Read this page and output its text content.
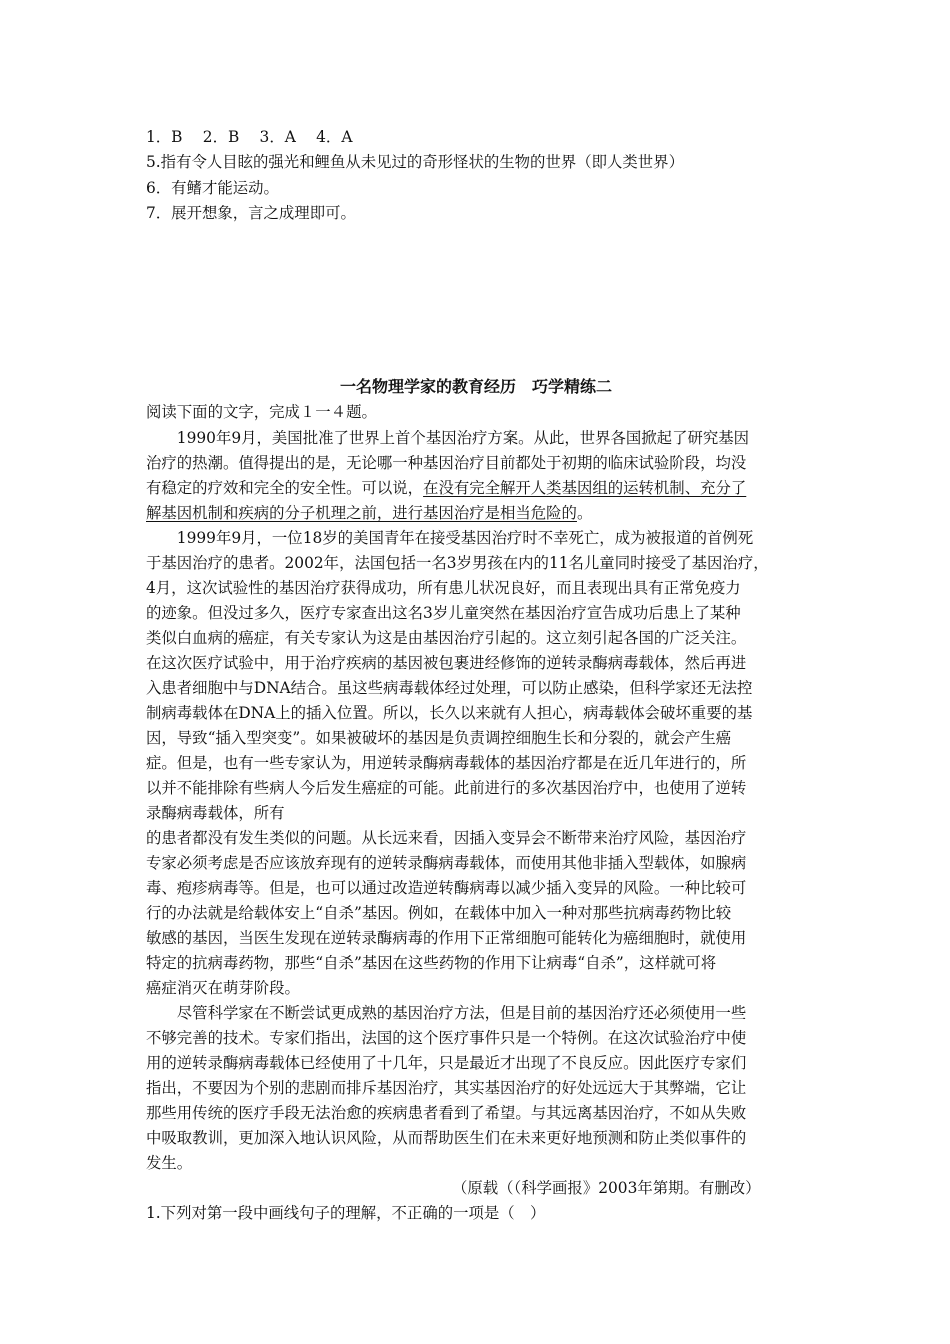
1．B　 2．B　 3．A　 4．A
5.指有令人目眩的强光和鲤鱼从未见过的奇形怪状的生物的世界（即人类世界）
6．有鳍才能运动。
7．展开想象，言之成理即可。
一名物理学家的教育经历　巧学精练二
阅读下面的文字，完成１一４题。
　　1990年9月，美国批准了世界上首个基因治疗方案。从此，世界各国掀起了研究基因
治疗的热潮。值得提出的是，无论哪一种基因治疗目前都处于初期的临床试验阶段，均没
有稳定的疗效和完全的安全性。可以说，在没有完全解开人类基因组的运转机制、充分了
解基因机制和疾病的分子机理之前，进行基因治疗是相当危险的。
　　1999年9月，一位18岁的美国青年在接受基因治疗时不幸死亡，成为被报道的首例死
于基因治疗的患者。2002年，法国包括一名3岁男孩在内的11名儿童同时接受了基因治疗，
4月，这次试验性的基因治疗获得成功，所有患儿状况良好，而且表现出具有正常免疫力
的迹象。但没过多久，医疗专家查出这名3岁儿童突然在基因治疗宣告成功后患上了某种
类似白血病的癌症，有关专家认为这是由基因治疗引起的。这立刻引起各国的广泛关注。
在这次医疗试验中，用于治疗疾病的基因被包裹进经修饰的逆转录酶病毒载体，然后再进
入患者细胞中与DNA结合。虽这些病毒载体经过处理，可以防止感染，但科学家还无法控
制病毒载体在DNA上的插入位置。所以，长久以来就有人担心，病毒载体会破坏重要的基
因，导致“插入型突变”。如果被破坏的基因是负责调控细胞生长和分裂的，就会产生癌
症。但是，也有一些专家认为，用逆转录酶病毒载体的基因治疗都是在近几年进行的，所
以并不能排除有些病人今后发生癌症的可能。此前进行的多次基因治疗中，也使用了逆转
录酶病毒载体，所有
的患者都没有发生类似的问题。从长远来看，因插入变异会不断带来治疗风险，基因治疗
专家必须考虑是否应该放弃现有的逆转录酶病毒载体，而使用其他非插入型载体，如腺病
毒、疱疹病毒等。但是，也可以通过改造逆转酶病毒以减少插入变异的风险。一种比较可
行的办法就是给载体安上“自杀”基因。例如，在载体中加入一种对那些抗病毒药物比较
敏感的基因，当医生发现在逆转录酶病毒的作用下正常细胞可能转化为癌细胞时，就使用
特定的抗病毒药物，那些“自杀”基因在这些药物的作用下让病毒“自杀”，这样就可将
癌症消灭在萌芽阶段。
　　尽管科学家在不断尝试更成熟的基因治疗方法，但是目前的基因治疗还必须使用一些
不够完善的技术。专家们指出，法国的这个医疗事件只是一个特例。在这次试验治疗中使
用的逆转录酶病毒载体已经使用了十几年，只是最近才出现了不良反应。因此医疗专家们
指出，不要因为个别的悲剧而排斥基因治疗，其实基因治疗的好处远远大于其弊端，它让
那些用传统的医疗手段无法治愈的疾病患者看到了希望。与其远离基因治疗，不如从失败
中吸取教训，更加深入地认识风险，从而帮助医生们在未来更好地预测和防止类似事件的
发生。
（原载（（科学画报》2003年第期。有删改）
1.下列对第一段中画线句子的理解，不正确的一项是（　）
